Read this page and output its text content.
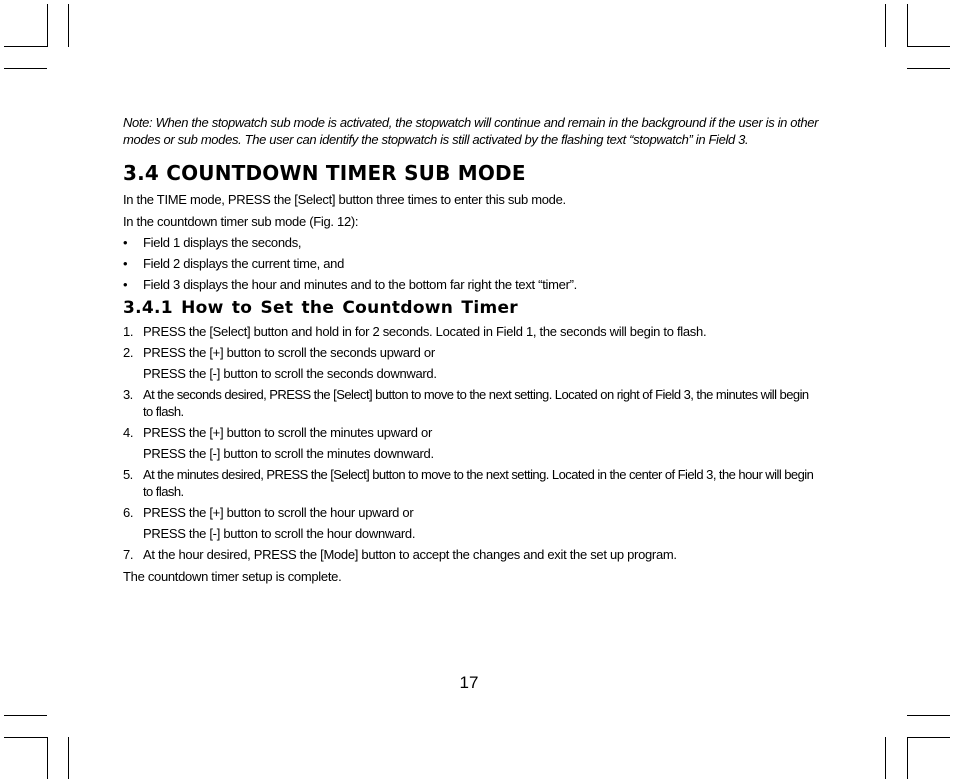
Note: When the stopwatch sub mode is activated, the stopwatch will continue and remain in the background if the user is in other modes or sub modes. The user can identify the stopwatch is still activated by the flashing text “stopwatch” in Field 3.

3.4 COUNTDOWN TIMER SUB MODE

In the TIME mode, PRESS the [Select] button three times to enter this sub mode.

In the countdown timer sub mode (Fig. 12):

•	Field 1 displays the seconds,
•	Field 2 displays the current time, and
•	Field 3 displays the hour and minutes and to the bottom far right the text “timer”.
3.4.1 How to Set the Countdown Timer
1. PRESS the [Select] button and hold in for 2 seconds. Located in Field 1, the seconds will begin to flash.
2. PRESS the [+] button to scroll the seconds upward or
PRESS the [-] button to scroll the seconds downward.
3. At the seconds desired, PRESS the [Select] button to move to the next setting. Located on right of Field 3, the minutes will begin to flash.
4. PRESS the [+] button to scroll the minutes upward or
PRESS the [-] button to scroll the minutes downward.
5. At the minutes desired, PRESS the [Select] button to move to the next setting. Located in the center of Field 3, the hour will begin to flash.
6. PRESS the [+] button to scroll the hour upward or
PRESS the [-] button to scroll the hour downward.
7. At the hour desired, PRESS the [Mode] button to accept the changes and exit the set up program.

The countdown timer setup is complete.

17
